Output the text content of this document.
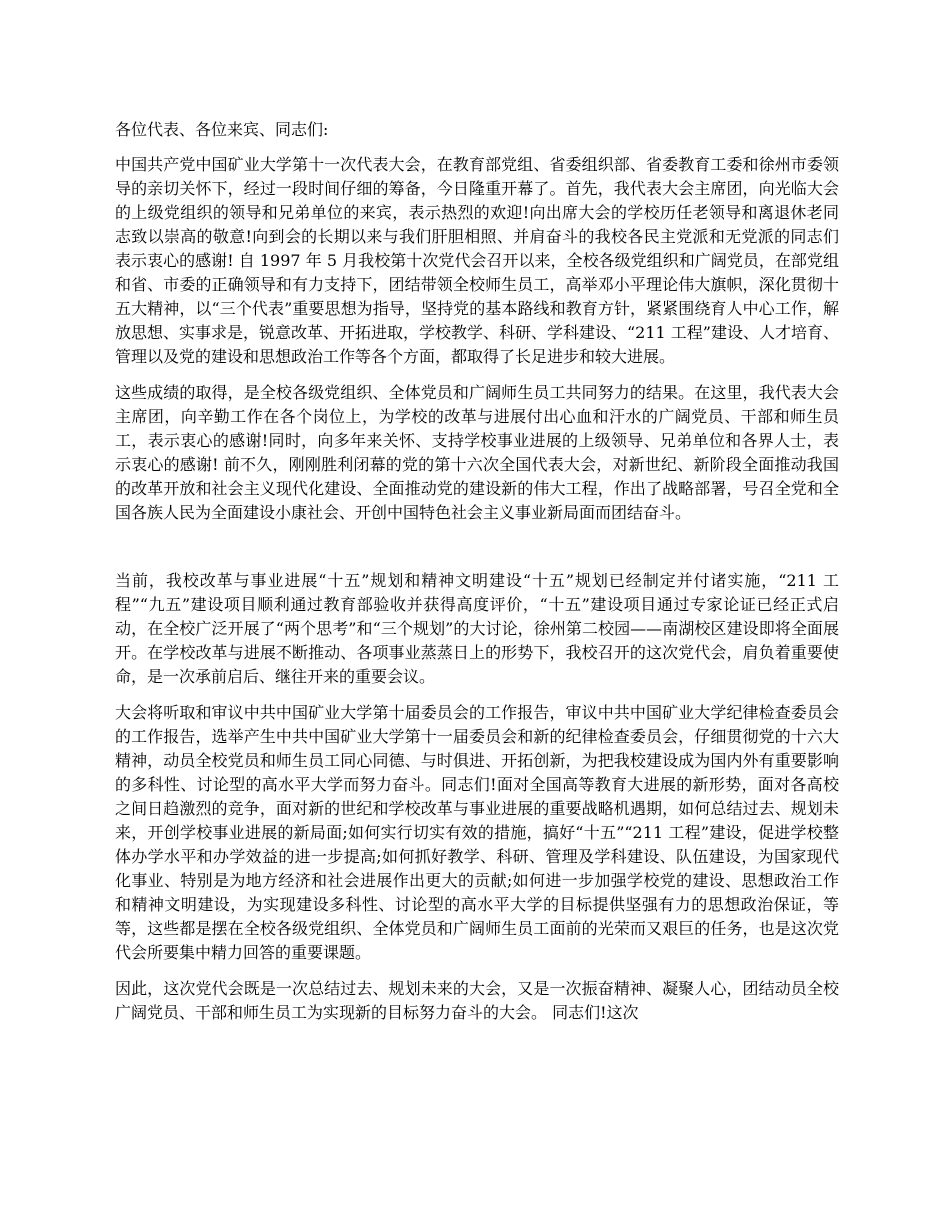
各位代表、各位来宾、同志们:

中国共产党中国矿业大学第十一次代表大会，在教育部党组、省委组织部、省委教育工委和徐州市委领导的亲切关怀下，经过一段时间仔细的筹备，今日隆重开幕了。首先，我代表大会主席团，向光临大会的上级党组织的领导和兄弟单位的来宾，表示热烈的欢迎!向出席大会的学校历任老领导和离退休老同志致以崇高的敬意!向到会的长期以来与我们肝胆相照、并肩奋斗的我校各民主党派和无党派的同志们表示衷心的感谢! 自 1997 年 5 月我校第十次党代会召开以来，全校各级党组织和广阔党员，在部党组和省、市委的正确领导和有力支持下，团结带领全校师生员工，高举邓小平理论伟大旗帜，深化贯彻十五大精神，以“三个代表”重要思想为指导，坚持党的基本路线和教育方针，紧紧围绕育人中心工作，解放思想、实事求是，锐意改革、开拓进取，学校教学、科研、学科建设、“211 工程”建设、人才培育、管理以及党的建设和思想政治工作等各个方面，都取得了长足进步和较大进展。

这些成绩的取得，是全校各级党组织、全体党员和广阔师生员工共同努力的结果。在这里，我代表大会主席团，向辛勤工作在各个岗位上，为学校的改革与进展付出心血和汗水的广阔党员、干部和师生员工，表示衷心的感谢!同时，向多年来关怀、支持学校事业进展的上级领导、兄弟单位和各界人士，表示衷心的感谢! 前不久，刚刚胜利闭幕的党的第十六次全国代表大会，对新世纪、新阶段全面推动我国的改革开放和社会主义现代化建设、全面推动党的建设新的伟大工程，作出了战略部署，号召全党和全国各族人民为全面建设小康社会、开创中国特色社会主义事业新局面而团结奋斗。

当前，我校改革与事业进展“十五”规划和精神文明建设“十五”规划已经制定并付诸实施，“211 工程”“九五”建设项目顺利通过教育部验收并获得高度评价，“十五”建设项目通过专家论证已经正式启动，在全校广泛开展了“两个思考”和“三个规划”的大讨论，徐州第二校园——南湖校区建设即将全面展开。在学校改革与进展不断推动、各项事业蒸蒸日上的形势下，我校召开的这次党代会，肩负着重要使命，是一次承前启后、继往开来的重要会议。

大会将听取和审议中共中国矿业大学第十届委员会的工作报告，审议中共中国矿业大学纪律检查委员会的工作报告，选举产生中共中国矿业大学第十一届委员会和新的纪律检查委员会，仔细贯彻党的十六大精神，动员全校党员和师生员工同心同德、与时俱进、开拓创新，为把我校建设成为国内外有重要影响的多科性、讨论型的高水平大学而努力奋斗。同志们!面对全国高等教育大进展的新形势，面对各高校之间日趋激烈的竞争，面对新的世纪和学校改革与事业进展的重要战略机遇期，如何总结过去、规划未来，开创学校事业进展的新局面;如何实行切实有效的措施，搞好“十五”“211 工程”建设，促进学校整体办学水平和办学效益的进一步提高;如何抓好教学、科研、管理及学科建设、队伍建设，为国家现代化事业、特别是为地方经济和社会进展作出更大的贡献;如何进一步加强学校党的建设、思想政治工作和精神文明建设，为实现建设多科性、讨论型的高水平大学的目标提供坚强有力的思想政治保证，等等，这些都是摆在全校各级党组织、全体党员和广阔师生员工面前的光荣而又艰巨的任务，也是这次党代会所要集中精力回答的重要课题。

因此，这次党代会既是一次总结过去、规划未来的大会，又是一次振奋精神、凝聚人心，团结动员全校广阔党员、干部和师生员工为实现新的目标努力奋斗的大会。 同志们!这次
